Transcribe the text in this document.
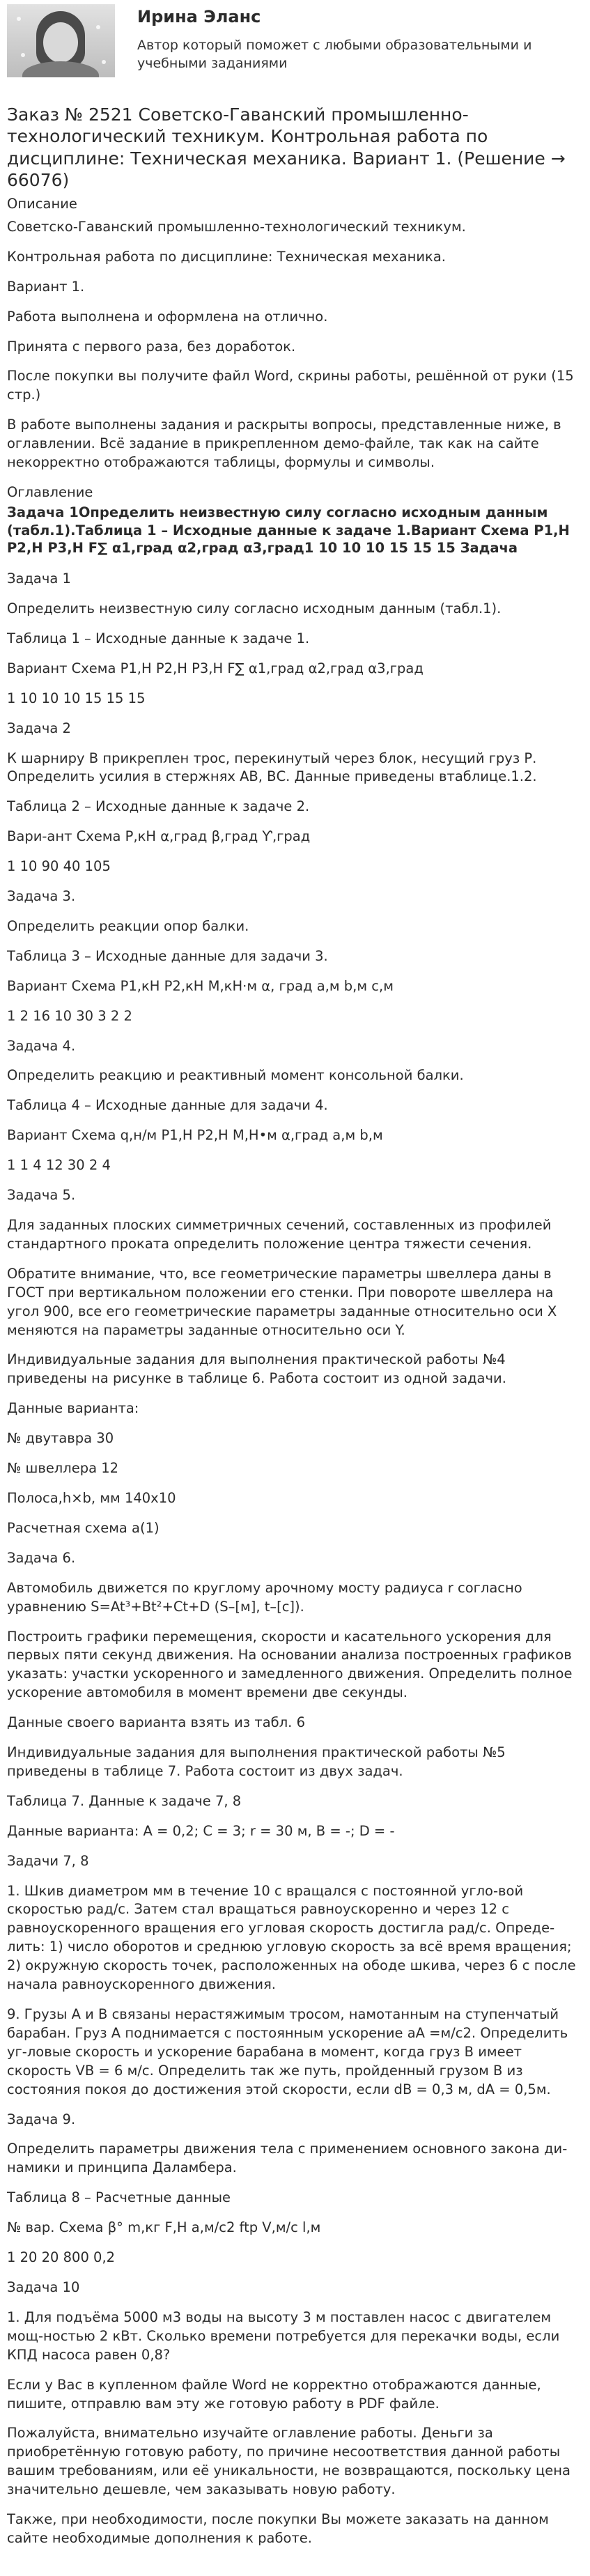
Ирина Эланс
Автор который поможет с любыми образовательными и учебными заданиями
Заказ № 2521 Советско-Гаванский промышленно-технологический техникум. Контрольная работа по дисциплине: Техническая механика. Вариант 1. (Решение → 66076)
Описание

Советско-Гаванский промышленно-технологический техникум.

Контрольная работа по дисциплине: Техническая механика.

Вариант 1.

Работа выполнена и оформлена на отлично.

Принята с первого раза, без доработок.

После покупки вы получите файл Word, скрины работы, решённой от руки (15 стр.)

В работе выполнены задания и раскрыты вопросы, представленные ниже, в оглавлении. Всё задание в прикрепленном демо-файле, так как на сайте некорректно отображаются таблицы, формулы и символы.

Оглавление
Задача 1Определить неизвестную силу согласно исходным данным (табл.1).Таблица 1 – Исходные данные к задаче 1.Вариант Схема P1,Н P2,Н P3,Н F∑ α1,град α2,град α3,град1 10 10 10 15 15 15 Задача

Задача 1

Определить неизвестную силу согласно исходным данным (табл.1).

Таблица 1 – Исходные данные к задаче 1.

Вариант Схема P1,Н P2,Н P3,Н F∑ α1,град α2,град α3,град

1 10 10 10 15 15 15

Задача 2

К шарниру В прикреплен трос, перекинутый через блок, несущий груз Р. Определить усилия в стержнях АВ, ВС. Данные приведены втаблице.1.2.

Таблица 2 – Исходные данные к задаче 2.

Вари-ант Схема Р,кН α,град β,град Ƴ,град

1 10 90 40 105

Задача 3.

Определить реакции опор балки.

Таблица 3 – Исходные данные для задачи 3.

Вариант Схема P1,кН P2,кН M,кН·м α, град a,м b,м c,м

1 2 16 10 30 3 2 2

Задача 4.

Определить реакцию и реактивный момент консольной балки.

Таблица 4 – Исходные данные для задачи 4.

Вариант Схема q,н/м P1,Н P2,Н M,Н•м α,град a,м b,м

1 1 4 12 30 2 4

Задача 5.

Для заданных плоских симметричных сечений, составленных из профилей стандартного проката определить положение центра тяжести сечения.

Обратите внимание, что, все геометрические параметры швеллера даны в ГОСТ при вертикальном положении его стенки. При повороте швеллера на угол 900, все его геометрические параметры заданные относительно оси X меняются на параметры заданные относительно оси Y.

Индивидуальные задания для выполнения практической работы №4 приведены на рисунке в таблице 6. Работа состоит из одной задачи.

Данные варианта:

№ двутавра 30

№ швеллера 12

Полоса,h×b, мм 140х10

Расчетная схема а(1)

Задача 6.

Автомобиль движется по круглому арочному мосту радиуса r согласно уравнению S=At³+Bt²+Ct+D (S–[м], t–[c]).

Построить графики перемещения, скорости и касательного ускорения для первых пяти секунд движения. На основании анализа построенных графиков указать: участки ускоренного и замедленного движения. Определить полное ускорение автомобиля в момент времени две секунды.

Данные своего варианта взять из табл. 6

Индивидуальные задания для выполнения практической работы №5 приведены в таблице 7. Работа состоит из двух задач.

Таблица 7. Данные к задаче 7, 8

Данные варианта: А = 0,2; С = 3; r = 30 м, В = -; D = -

Задачи 7, 8

1. Шкив диаметром мм в течение 10 с вращался с постоянной угло-вой скоростью рад/с. Затем стал вращаться равноускоренно и через 12 с равноускоренного вращения его угловая скорость достигла рад/с. Опреде-лить: 1) число оборотов и среднюю угловую скорость за всё время вращения; 2) окружную скорость точек, расположенных на ободе шкива, через 6 с после начала равноускоренного движения.

9. Грузы А и В связаны нерастяжимым тросом, намотанным на ступенчатый барабан. Груз А поднимается с постоянным ускорение aA =м/с2. Определить уг-ловые скорость и ускорение барабана в момент, когда груз В имеет скорость VB = 6 м/с. Определить так же путь, пройденный грузом В из состояния покоя до достижения этой скорости, если dB = 0,3 м, dA = 0,5м.

Задача 9.

Определить параметры движения тела с применением основного закона ди-намики и принципа Даламбера.

Таблица 8 – Расчетные данные

№ вар. Схема β° m,кг F,Н a,м/с2 ftp V,м/с l,м

1 20 20 800 0,2

Задача 10

1. Для подъёма 5000 м3 воды на высоту 3 м поставлен насос с двигателем мощ-ностью 2 кВт. Сколько времени потребуется для перекачки воды, если КПД насоса равен 0,8?

Если у Вас в купленном файле Word не корректно отображаются данные, пишите, отправлю вам эту же готовую работу в PDF файле.

Пожалуйста, внимательно изучайте оглавление работы. Деньги за приобретённую готовую работу, по причине несоответствия данной работы вашим требованиям, или её уникальности, не возвращаются, поскольку цена значительно дешевле, чем заказывать новую работу.

Также, при необходимости, после покупки Вы можете заказать на данном сайте необходимые дополнения к работе.
